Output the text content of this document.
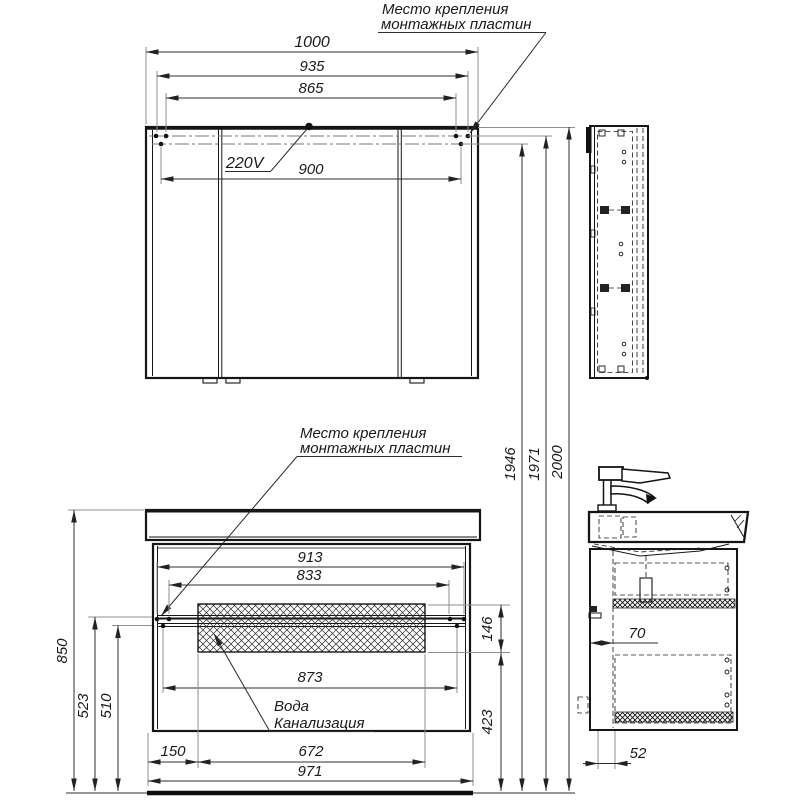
1000
935
865
900
220V
Место крепления
монтажных пластин
1946 1971 2000
Место крепления
монтажных пластин
913
833
873
850
523 510
150	672
971
146
423
Вода
Канализация
70
52
